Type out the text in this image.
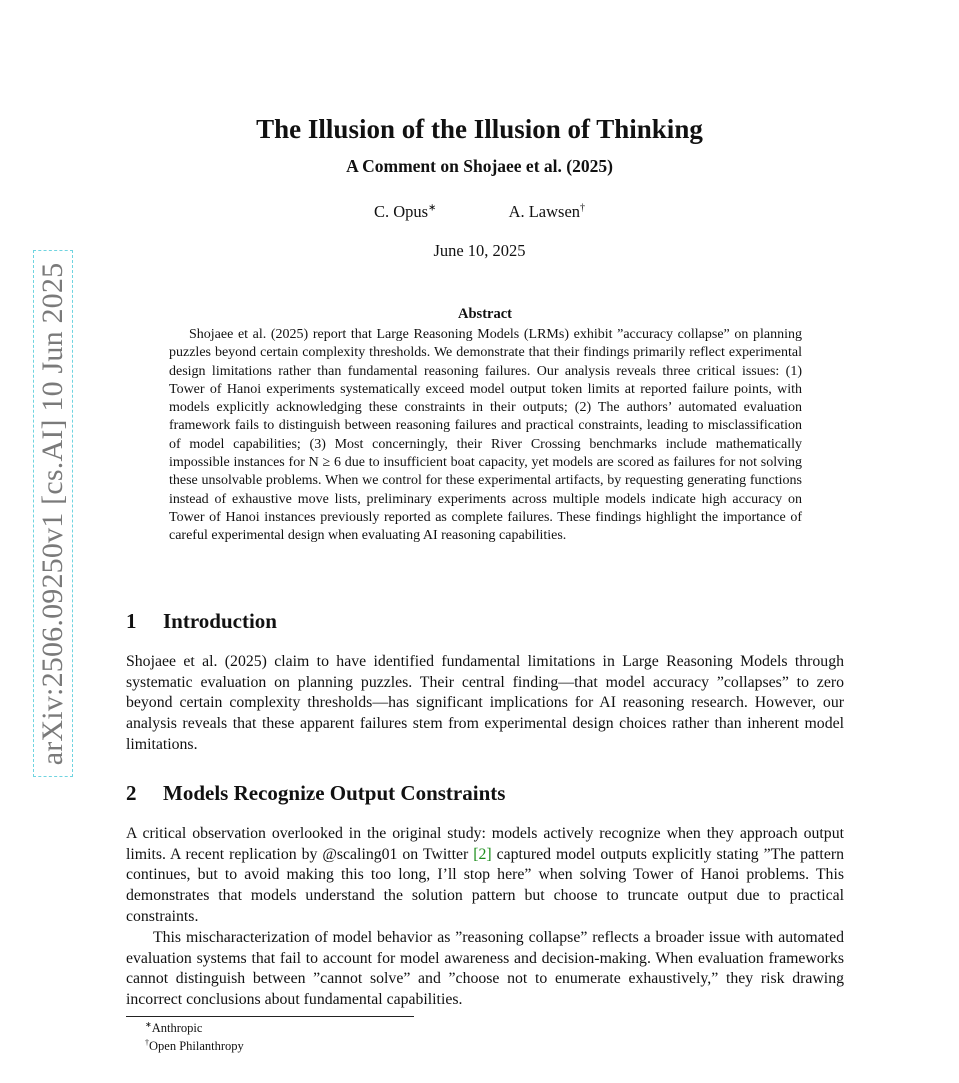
arXiv:2506.09250v1 [cs.AI] 10 Jun 2025
The Illusion of the Illusion of Thinking
A Comment on Shojaee et al. (2025)
C. Opus∗	A. Lawsen†
June 10, 2025
Abstract

Shojaee et al. (2025) report that Large Reasoning Models (LRMs) exhibit ”accuracy collapse” on planning puzzles beyond certain complexity thresholds. We demonstrate that their findings primarily reflect experimental design limitations rather than fundamental reasoning failures. Our analysis reveals three critical issues: (1) Tower of Hanoi experiments systematically exceed model output token limits at reported failure points, with models explicitly acknowledging these constraints in their outputs; (2) The authors’ automated evaluation framework fails to distinguish between reasoning failures and practical constraints, leading to misclassification of model capabilities; (3) Most concerningly, their River Crossing benchmarks include mathematically impossible instances for N ≥ 6 due to insufficient boat capacity, yet models are scored as failures for not solving these unsolvable problems. When we control for these experimental artifacts, by requesting generating functions instead of exhaustive move lists, preliminary experiments across multiple models indicate high accuracy on Tower of Hanoi instances previously reported as complete failures. These findings highlight the importance of careful experimental design when evaluating AI reasoning capabilities.

1 Introduction

Shojaee et al. (2025) claim to have identified fundamental limitations in Large Reasoning Models through systematic evaluation on planning puzzles. Their central finding—that model accuracy ”collapses” to zero beyond certain complexity thresholds—has significant implications for AI reasoning research. However, our analysis reveals that these apparent failures stem from experimental design choices rather than inherent model limitations.

2 Models Recognize Output Constraints

A critical observation overlooked in the original study: models actively recognize when they approach output limits. A recent replication by @scaling01 on Twitter [2] captured model outputs explicitly stating ”The pattern continues, but to avoid making this too long, I’ll stop here” when solving Tower of Hanoi problems. This demonstrates that models understand the solution pattern but choose to truncate output due to practical constraints.

This mischaracterization of model behavior as ”reasoning collapse” reflects a broader issue with automated evaluation systems that fail to account for model awareness and decision-making. When evaluation frameworks cannot distinguish between ”cannot solve” and ”choose not to enumerate exhaustively,” they risk drawing incorrect conclusions about fundamental capabilities.

∗Anthropic

†Open Philanthropy
